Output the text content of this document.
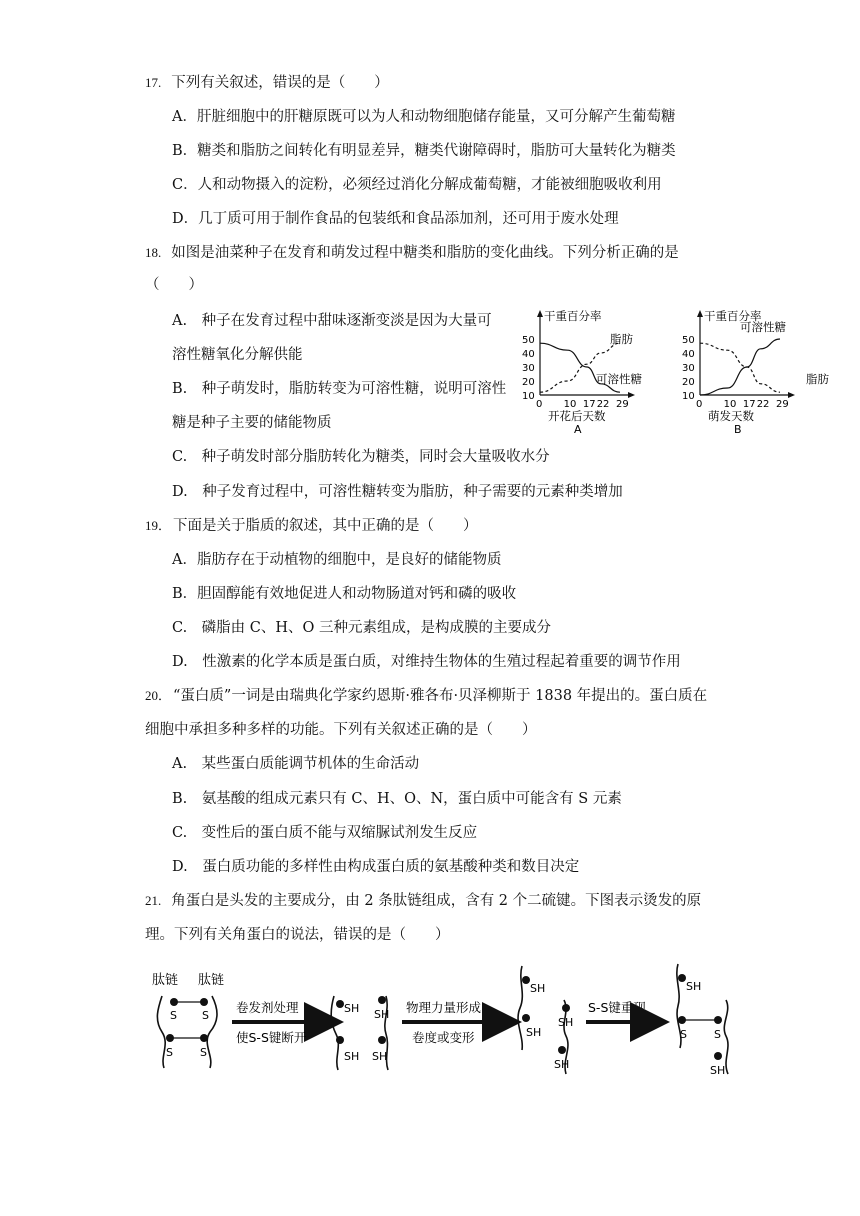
17. 下列有关叙述，错误的是（　　）
A．肝脏细胞中的肝糖原既可以为人和动物细胞储存能量，又可分解产生葡萄糖
B．糖类和脂肪之间转化有明显差异，糖类代谢障碍时，脂肪可大量转化为糖类
C．人和动物摄入的淀粉，必须经过消化分解成葡萄糖，才能被细胞吸收利用
D．几丁质可用于制作食品的包装纸和食品添加剂，还可用于废水处理
18. 如图是油菜种子在发育和萌发过程中糖类和脂肪的变化曲线。下列分析正确的是
（　　）
A.　种子在发育过程中甜味逐渐变淡是因为大量可
溶性糖氧化分解供能
B.　种子萌发时，脂肪转变为可溶性糖，说明可溶性
糖是种子主要的储能物质
C.　种子萌发时部分脂肪转化为糖类，同时会大量吸收水分
D.　种子发育过程中，可溶性糖转变为脂肪，种子需要的元素种类增加
干重百分率
10
20
30
40
50
0 10 17 22 29
开花后天数
A
脂肪
可溶性糖
干重百分率
10
20
30
40
50
0 10 17 22 29
萌发天数
B
可溶性糖
脂肪
19． 下面是关于脂质的叙述，其中正确的是（　　）
A．脂肪存在于动植物的细胞中，是良好的储能物质
B．胆固醇能有效地促进人和动物肠道对钙和磷的吸收
C.　磷脂由 C、H、O 三种元素组成，是构成膜的主要成分
D.　性激素的化学本质是蛋白质，对维持生物体的生殖过程起着重要的调节作用
20． “蛋白质”一词是由瑞典化学家约恩斯·雅各布·贝泽柳斯于 1838 年提出的。蛋白质在
细胞中承担多种多样的功能。下列有关叙述正确的是（　　）
A.　某些蛋白质能调节机体的生命活动
B.　氨基酸的组成元素只有 C、H、O、N，蛋白质中可能含有 S 元素
C.　变性后的蛋白质不能与双缩脲试剂发生反应
D.　蛋白质功能的多样性由构成蛋白质的氨基酸种类和数目决定
21. 角蛋白是头发的主要成分，由 2 条肽链组成，含有 2 个二硫键。下图表示烫发的原
理。下列有关角蛋白的说法，错误的是（　　）
肽链 肽链
S S
S S
卷发剂处理
使S-S键断开
SH
SH
SH
SH
物理力量形成
卷度或变形
SH
SH
SH
SH
S-S键重现
SH
S S
SH
